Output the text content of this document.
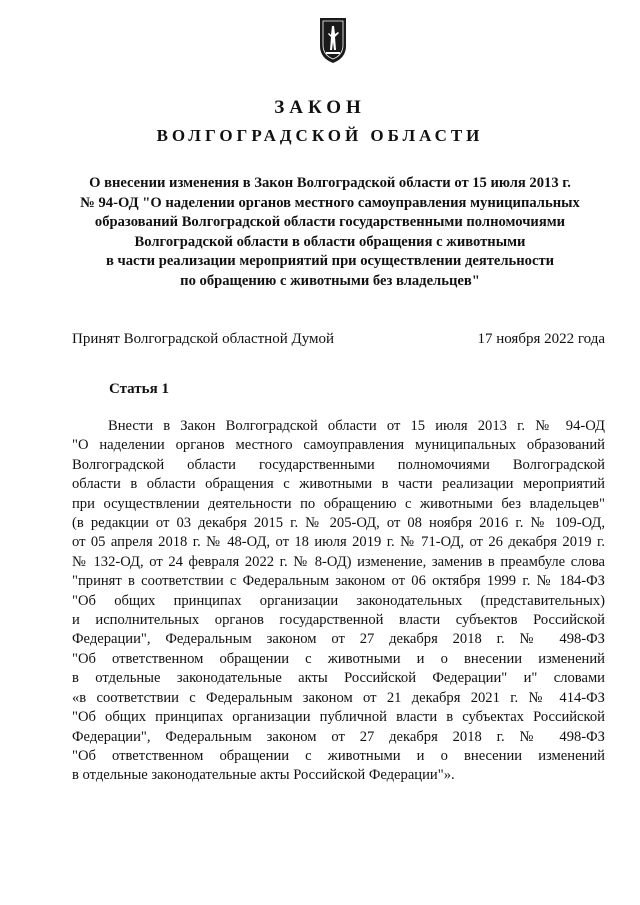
ЗАКОН
ВОЛГОГРАДСКОЙ ОБЛАСТИ
О внесении изменения в Закон Волгоградской области от 15 июля 2013 г.
№ 94-ОД "О наделении органов местного самоуправления муниципальных
образований Волгоградской области государственными полномочиями
Волгоградской области в области обращения с животными
в части реализации мероприятий при осуществлении деятельности
по обращению с животными без владельцев"
Принят Волгоградской областной Думой	17 ноября 2022 года
Статья 1
Внести в Закон Волгоградской области от 15 июля 2013 г. № 94-ОД
"О наделении органов местного самоуправления муниципальных образований
Волгоградской области государственными полномочиями Волгоградской
области в области обращения с животными в части реализации мероприятий
при осуществлении деятельности по обращению с животными без владельцев"
(в редакции от 03 декабря 2015 г. № 205-ОД, от 08 ноября 2016 г. № 109-ОД,
от 05 апреля 2018 г. № 48-ОД, от 18 июля 2019 г. № 71-ОД, от 26 декабря 2019 г.
№ 132-ОД, от 24 февраля 2022 г. № 8-ОД) изменение, заменив в преамбуле слова
"принят в соответствии с Федеральным законом от 06 октября 1999 г. № 184-ФЗ
"Об общих принципах организации законодательных (представительных)
и исполнительных органов государственной власти субъектов Российской
Федерации", Федеральным законом от 27 декабря 2018 г. № 498-ФЗ
"Об ответственном обращении с животными и о внесении изменений
в отдельные законодательные акты Российской Федерации" и" словами
«в соответствии с Федеральным законом от 21 декабря 2021 г. № 414-ФЗ
"Об общих принципах организации публичной власти в субъектах Российской
Федерации", Федеральным законом от 27 декабря 2018 г. № 498-ФЗ
"Об ответственном обращении с животными и о внесении изменений
в отдельные законодательные акты Российской Федерации"».
